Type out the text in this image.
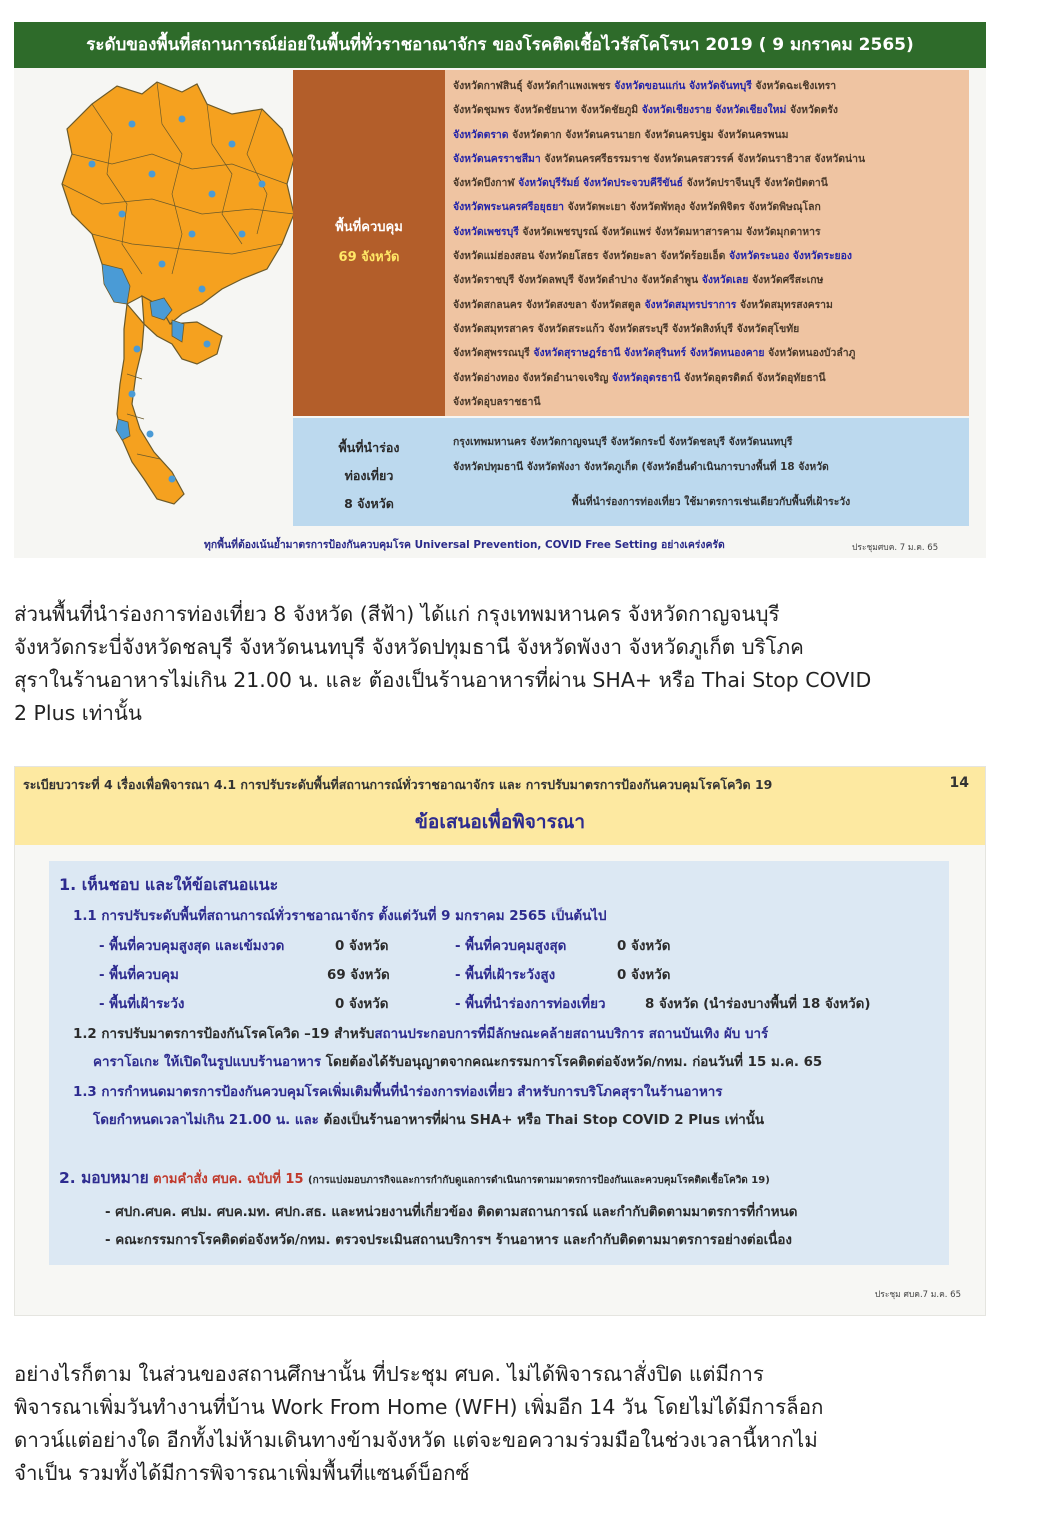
ระดับของพื้นที่สถานการณ์ย่อยในพื้นที่ทั่วราชอาณาจักร ของโรคติดเชื้อไวรัสโคโรนา 2019 ( 9 มกราคม 2565)
พื้นที่ควบคุม
69 จังหวัด
จังหวัดกาฬสินธุ์ จังหวัดกำแพงเพชร จังหวัดขอนแก่น จังหวัดจันทบุรี จังหวัดฉะเชิงเทรา
จังหวัดชุมพร จังหวัดชัยนาท จังหวัดชัยภูมิ จังหวัดเชียงราย จังหวัดเชียงใหม่ จังหวัดตรัง
จังหวัดตราด จังหวัดตาก จังหวัดนครนายก จังหวัดนครปฐม จังหวัดนครพนม
จังหวัดนครราชสีมา จังหวัดนครศรีธรรมราช จังหวัดนครสวรรค์ จังหวัดนราธิวาส จังหวัดน่าน
จังหวัดบึงกาฬ จังหวัดบุรีรัมย์ จังหวัดประจวบคีรีขันธ์ จังหวัดปราจีนบุรี จังหวัดปัตตานี
จังหวัดพระนครศรีอยุธยา จังหวัดพะเยา จังหวัดพัทลุง จังหวัดพิจิตร จังหวัดพิษณุโลก
จังหวัดเพชรบุรี จังหวัดเพชรบูรณ์ จังหวัดแพร่ จังหวัดมหาสารคาม จังหวัดมุกดาหาร
จังหวัดแม่ฮ่องสอน จังหวัดยโสธร จังหวัดยะลา จังหวัดร้อยเอ็ด จังหวัดระนอง จังหวัดระยอง
จังหวัดราชบุรี จังหวัดลพบุรี จังหวัดลำปาง จังหวัดลำพูน จังหวัดเลย จังหวัดศรีสะเกษ
จังหวัดสกลนคร จังหวัดสงขลา จังหวัดสตูล จังหวัดสมุทรปราการ จังหวัดสมุทรสงคราม
จังหวัดสมุทรสาคร จังหวัดสระแก้ว จังหวัดสระบุรี จังหวัดสิงห์บุรี จังหวัดสุโขทัย
จังหวัดสุพรรณบุรี จังหวัดสุราษฎร์ธานี จังหวัดสุรินทร์ จังหวัดหนองคาย จังหวัดหนองบัวลำภู
จังหวัดอ่างทอง จังหวัดอำนาจเจริญ จังหวัดอุดรธานี จังหวัดอุตรดิตถ์ จังหวัดอุทัยธานี
จังหวัดอุบลราชธานี
พื้นที่นำร่อง
ท่องเที่ยว
8 จังหวัด
กรุงเทพมหานคร จังหวัดกาญจนบุรี จังหวัดกระบี่ จังหวัดชลบุรี จังหวัดนนทบุรี
จังหวัดปทุมธานี จังหวัดพังงา จังหวัดภูเก็ต (จังหวัดอื่นดำเนินการบางพื้นที่ 18 จังหวัด
พื้นที่นำร่องการท่องเที่ยว ใช้มาตรการเช่นเดียวกับพื้นที่เฝ้าระวัง
ทุกพื้นที่ต้องเน้นย้ำมาตรการป้องกันควบคุมโรค Universal Prevention, COVID Free Setting อย่างเคร่งครัด	ประชุมศบค. 7 ม.ค. 65
ส่วนพื้นที่นำร่องการท่องเที่ยว 8 จังหวัด (สีฟ้า) ได้แก่ กรุงเทพมหานคร จังหวัดกาญจนบุรี
จังหวัดกระบี่จังหวัดชลบุรี จังหวัดนนทบุรี จังหวัดปทุมธานี จังหวัดพังงา จังหวัดภูเก็ต บริโภค
สุราในร้านอาหารไม่เกิน 21.00 น. และ ต้องเป็นร้านอาหารที่ผ่าน SHA+ หรือ Thai Stop COVID
2 Plus เท่านั้น
ระเบียบวาระที่ 4 เรื่องเพื่อพิจารณา 4.1 การปรับระดับพื้นที่สถานการณ์ทั่วราชอาณาจักร และ การปรับมาตรการป้องกันควบคุมโรคโควิด 19	14
ข้อเสนอเพื่อพิจารณา
1. เห็นชอบ และให้ข้อเสนอแนะ
1.1 การปรับระดับพื้นที่สถานการณ์ทั่วราชอาณาจักร ตั้งแต่วันที่ 9 มกราคม 2565 เป็นต้นไป
- พื้นที่ควบคุมสูงสุด และเข้มงวด	0 จังหวัด	- พื้นที่ควบคุมสูงสุด	0 จังหวัด
- พื้นที่ควบคุม	69 จังหวัด	- พื้นที่เฝ้าระวังสูง	0 จังหวัด
- พื้นที่เฝ้าระวัง	0 จังหวัด	- พื้นที่นำร่องการท่องเที่ยว	8 จังหวัด (นำร่องบางพื้นที่ 18 จังหวัด)
1.2 การปรับมาตรการป้องกันโรคโควิด –19 สำหรับสถานประกอบการที่มีลักษณะคล้ายสถานบริการ สถานบันเทิง ผับ บาร์
คาราโอเกะ ให้เปิดในรูปแบบร้านอาหาร โดยต้องได้รับอนุญาตจากคณะกรรมการโรคติดต่อจังหวัด/กทม. ก่อนวันที่ 15 ม.ค. 65
1.3 การกำหนดมาตรการป้องกันควบคุมโรคเพิ่มเติมพื้นที่นำร่องการท่องเที่ยว สำหรับการบริโภคสุราในร้านอาหาร
โดยกำหนดเวลาไม่เกิน 21.00 น. และ ต้องเป็นร้านอาหารที่ผ่าน SHA+ หรือ Thai Stop COVID 2 Plus เท่านั้น
2. มอบหมาย ตามคำสั่ง ศบค. ฉบับที่ 15 (การแบ่งมอบภารกิจและการกำกับดูแลการดำเนินการตามมาตรการป้องกันและควบคุมโรคติดเชื้อโควิด 19)
- ศปก.ศบค. ศปม. ศบค.มท. ศปก.สธ. และหน่วยงานที่เกี่ยวข้อง ติดตามสถานการณ์ และกำกับติดตามมาตรการที่กำหนด
- คณะกรรมการโรคติดต่อจังหวัด/กทม. ตรวจประเมินสถานบริการฯ ร้านอาหาร และกำกับติดตามมาตรการอย่างต่อเนื่อง
ประชุม ศบค.7 ม.ค. 65
อย่างไรก็ตาม ในส่วนของสถานศึกษานั้น ที่ประชุม ศบค. ไม่ได้พิจารณาสั่งปิด แต่มีการ
พิจารณาเพิ่มวันทำงานที่บ้าน Work From Home (WFH) เพิ่มอีก 14 วัน โดยไม่ได้มีการล็อก
ดาวน์แต่อย่างใด อีกทั้งไม่ห้ามเดินทางข้ามจังหวัด แต่จะขอความร่วมมือในช่วงเวลานี้หากไม่
จำเป็น รวมทั้งได้มีการพิจารณาเพิ่มพื้นที่แซนด์บ็อกซ์
